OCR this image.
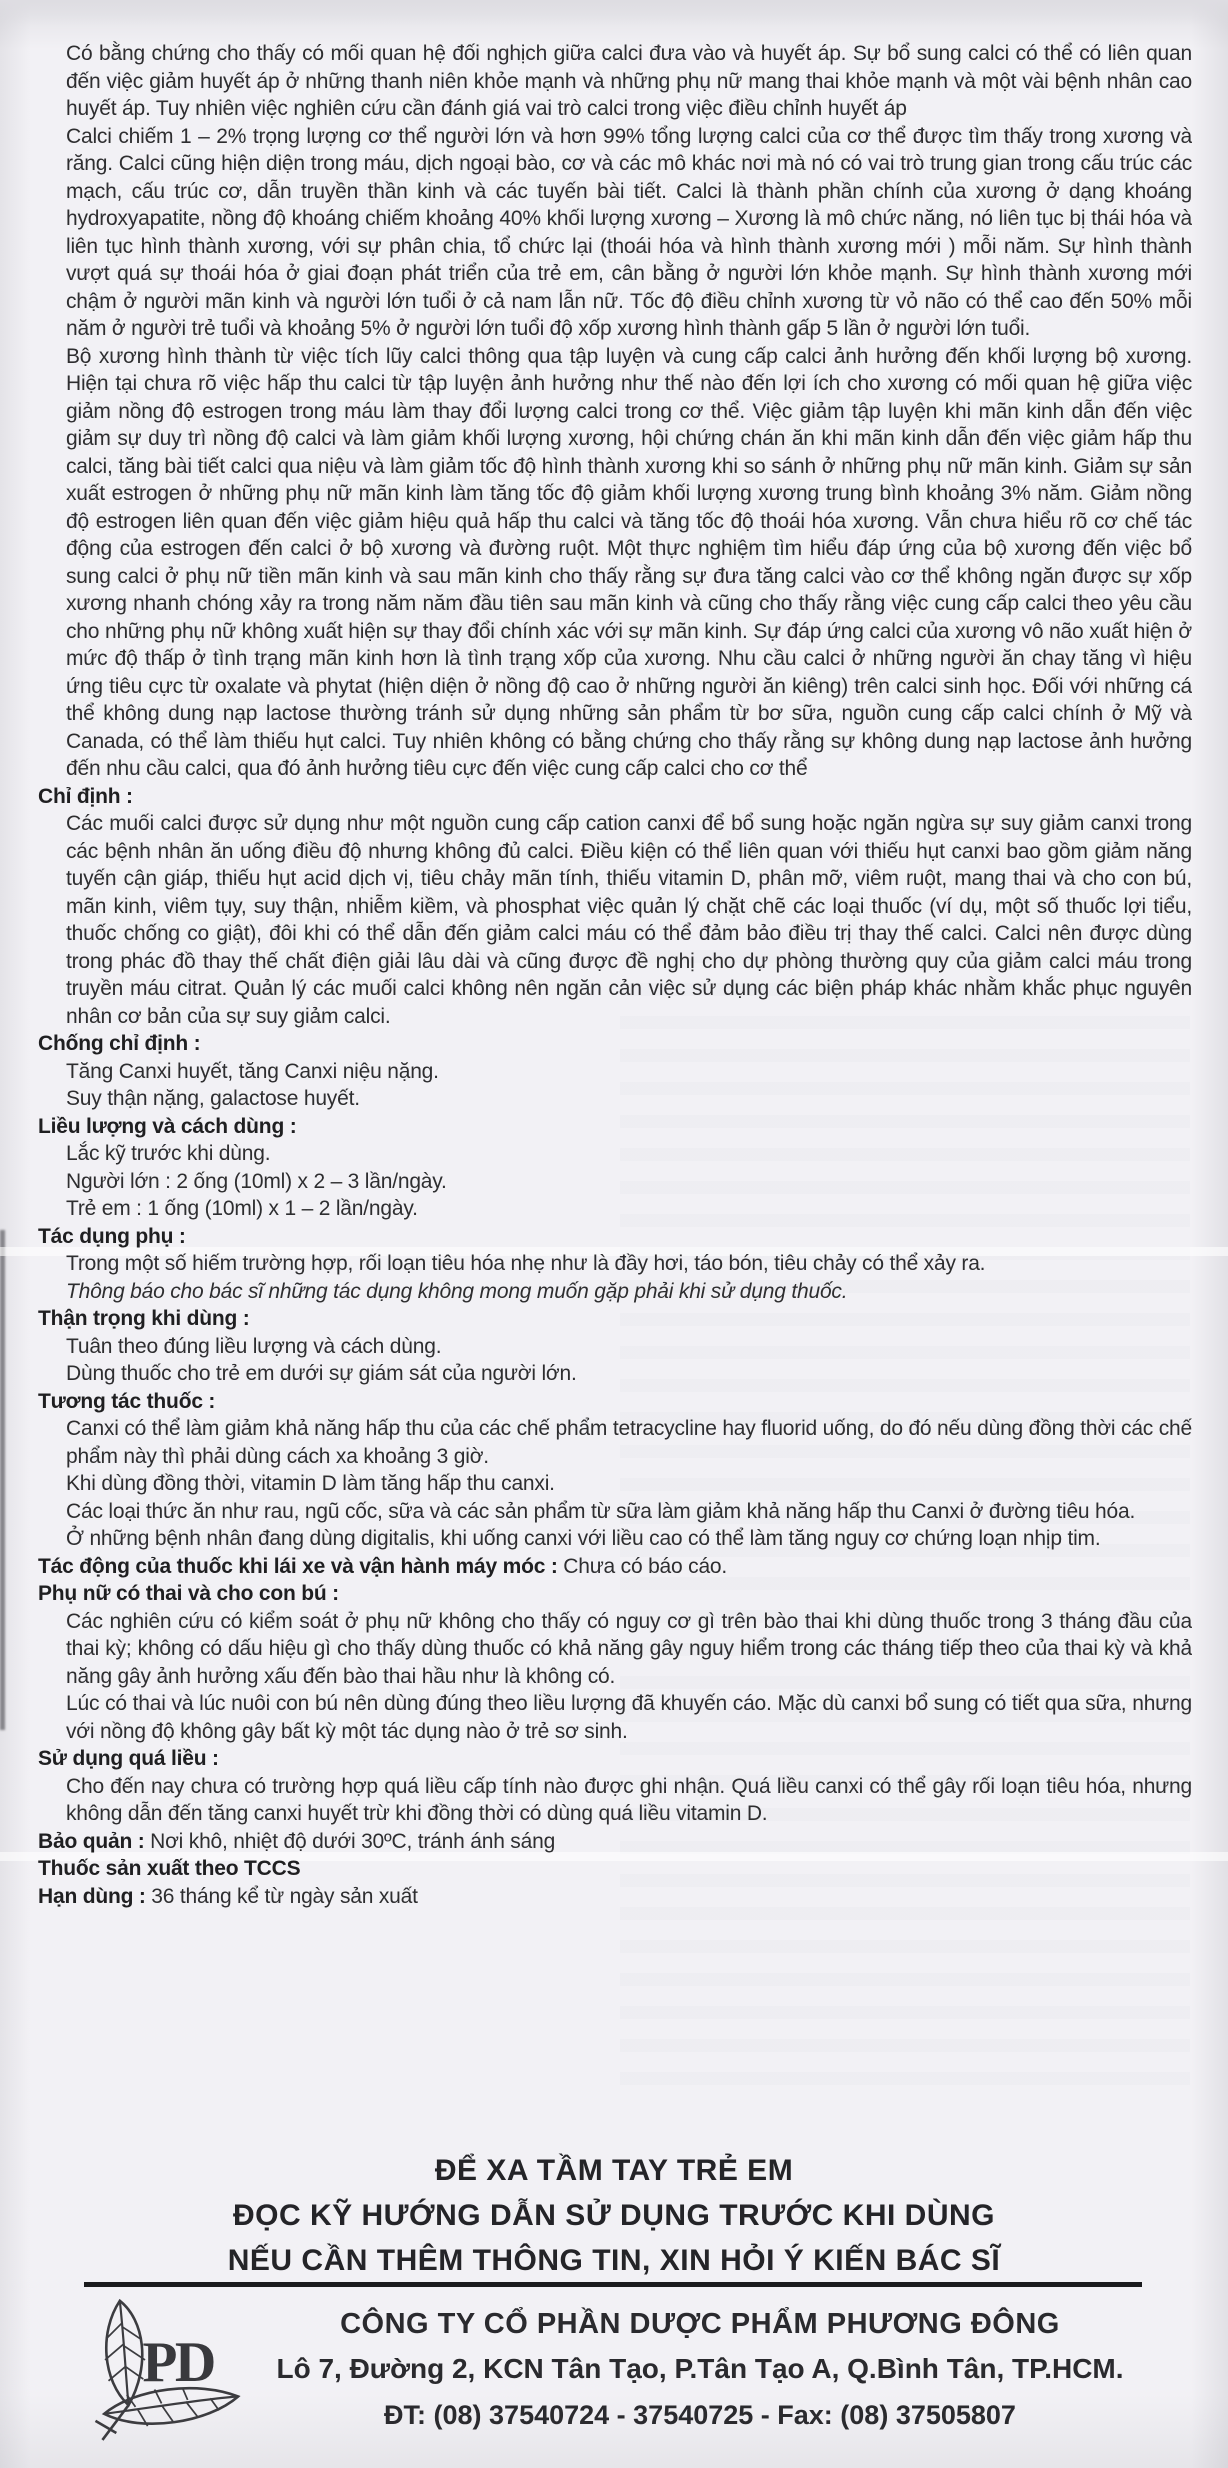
Có bằng chứng cho thấy có mối quan hệ đối nghịch giữa calci đưa vào và huyết áp. Sự bổ sung calci có thể có liên quan đến việc giảm huyết áp ở những thanh niên khỏe mạnh và những phụ nữ mang thai khỏe mạnh và một vài bệnh nhân cao huyết áp. Tuy nhiên việc nghiên cứu cần đánh giá vai trò calci trong việc điều chỉnh huyết áp

Calci chiếm 1 – 2% trọng lượng cơ thể người lớn và hơn 99% tổng lượng calci của cơ thể được tìm thấy trong xương và răng. Calci cũng hiện diện trong máu, dịch ngoại bào, cơ và các mô khác nơi mà nó có vai trò trung gian trong cấu trúc các mạch, cấu trúc cơ, dẫn truyền thần kinh và các tuyến bài tiết. Calci là thành phần chính của xương ở dạng khoáng hydroxyapatite, nồng độ khoáng chiếm khoảng 40% khối lượng xương – Xương là mô chức năng, nó liên tục bị thái hóa và liên tục hình thành xương, với sự phân chia, tổ chức lại (thoái hóa và hình thành xương mới ) mỗi năm. Sự hình thành vượt quá sự thoái hóa ở giai đoạn phát triển của trẻ em, cân bằng ở người lớn khỏe mạnh. Sự hình thành xương mới chậm ở người mãn kinh và người lớn tuổi ở cả nam lẫn nữ. Tốc độ điều chỉnh xương từ vỏ não có thể cao đến 50% mỗi năm ở người trẻ tuổi và khoảng 5% ở người lớn tuổi độ xốp xương hình thành gấp 5 lần ở người lớn tuổi.

Bộ xương hình thành từ việc tích lũy calci thông qua tập luyện và cung cấp calci ảnh hưởng đến khối lượng bộ xương. Hiện tại chưa rõ việc hấp thu calci từ tập luyện ảnh hưởng như thế nào đến lợi ích cho xương có mối quan hệ giữa việc giảm nồng độ estrogen trong máu làm thay đổi lượng calci trong cơ thể. Việc giảm tập luyện khi mãn kinh dẫn đến việc giảm sự duy trì nồng độ calci và làm giảm khối lượng xương, hội chứng chán ăn khi mãn kinh dẫn đến việc giảm hấp thu calci, tăng bài tiết calci qua niệu và làm giảm tốc độ hình thành xương khi so sánh ở những phụ nữ mãn kinh. Giảm sự sản xuất estrogen ở những phụ nữ mãn kinh làm tăng tốc độ giảm khối lượng xương trung bình khoảng 3% năm. Giảm nồng độ estrogen liên quan đến việc giảm hiệu quả hấp thu calci và tăng tốc độ thoái hóa xương. Vẫn chưa hiểu rõ cơ chế tác động của estrogen đến calci ở bộ xương và đường ruột. Một thực nghiệm tìm hiểu đáp ứng của bộ xương đến việc bổ sung calci ở phụ nữ tiền mãn kinh và sau mãn kinh cho thấy rằng sự đưa tăng calci vào cơ thể không ngăn được sự xốp xương nhanh chóng xảy ra trong năm năm đầu tiên sau mãn kinh và cũng cho thấy rằng việc cung cấp calci theo yêu cầu cho những phụ nữ không xuất hiện sự thay đổi chính xác với sự mãn kinh. Sự đáp ứng calci của xương vô não xuất hiện ở mức độ thấp ở tình trạng mãn kinh hơn là tình trạng xốp của xương. Nhu cầu calci ở những người ăn chay tăng vì hiệu ứng tiêu cực từ oxalate và phytat (hiện diện ở nồng độ cao ở những người ăn kiêng) trên calci sinh học. Đối với những cá thể không dung nạp lactose thường tránh sử dụng những sản phẩm từ bơ sữa, nguồn cung cấp calci chính ở Mỹ và Canada, có thể làm thiếu hụt calci. Tuy nhiên không có bằng chứng cho thấy rằng sự không dung nạp lactose ảnh hưởng đến nhu cầu calci, qua đó ảnh hưởng tiêu cực đến việc cung cấp calci cho cơ thể

Chỉ định :

Các muối calci được sử dụng như một nguồn cung cấp cation canxi để bổ sung hoặc ngăn ngừa sự suy giảm canxi trong các bệnh nhân ăn uống điều độ nhưng không đủ calci. Điều kiện có thể liên quan với thiếu hụt canxi bao gồm giảm năng tuyến cận giáp, thiếu hụt acid dịch vị, tiêu chảy mãn tính, thiếu vitamin D, phân mỡ, viêm ruột, mang thai và cho con bú, mãn kinh, viêm tụy, suy thận, nhiễm kiềm, và phosphat việc quản lý chặt chẽ các loại thuốc (ví dụ, một số thuốc lợi tiểu, thuốc chống co giật), đôi khi có thể dẫn đến giảm calci máu có thể đảm bảo điều trị thay thế calci. Calci nên được dùng trong phác đồ thay thế chất điện giải lâu dài và cũng được đề nghị cho dự phòng thường quy của giảm calci máu trong truyền máu citrat. Quản lý các muối calci không nên ngăn cản việc sử dụng các biện pháp khác nhằm khắc phục nguyên nhân cơ bản của sự suy giảm calci.

Chống chỉ định :

Tăng Canxi huyết, tăng Canxi niệu nặng.

Suy thận nặng, galactose huyết.

Liều lượng và cách dùng :

Lắc kỹ trước khi dùng.

Người lớn : 2 ống (10ml) x 2 – 3 lần/ngày.

Trẻ em : 1 ống (10ml) x 1 – 2 lần/ngày.

Tác dụng phụ :

Trong một số hiếm trường hợp, rối loạn tiêu hóa nhẹ như là đầy hơi, táo bón, tiêu chảy có thể xảy ra.

Thông báo cho bác sĩ những tác dụng không mong muốn gặp phải khi sử dụng thuốc.

Thận trọng khi dùng :

Tuân theo đúng liều lượng và cách dùng.

Dùng thuốc cho trẻ em dưới sự giám sát của người lớn.

Tương tác thuốc :

Canxi có thể làm giảm khả năng hấp thu của các chế phẩm tetracycline hay fluorid uống, do đó nếu dùng đồng thời các chế phẩm này thì phải dùng cách xa khoảng 3 giờ.

Khi dùng đồng thời, vitamin D làm tăng hấp thu canxi.

Các loại thức ăn như rau, ngũ cốc, sữa và các sản phẩm từ sữa làm giảm khả năng hấp thu Canxi ở đường tiêu hóa.

Ở những bệnh nhân đang dùng digitalis, khi uống canxi với liều cao có thể làm tăng nguy cơ chứng loạn nhịp tim.

Tác động của thuốc khi lái xe và vận hành máy móc : Chưa có báo cáo.

Phụ nữ có thai và cho con bú :

Các nghiên cứu có kiểm soát ở phụ nữ không cho thấy có nguy cơ gì trên bào thai khi dùng thuốc trong 3 tháng đầu của thai kỳ; không có dấu hiệu gì cho thấy dùng thuốc có khả năng gây nguy hiểm trong các tháng tiếp theo của thai kỳ và khả năng gây ảnh hưởng xấu đến bào thai hầu như là không có.

Lúc có thai và lúc nuôi con bú nên dùng đúng theo liều lượng đã khuyến cáo. Mặc dù canxi bổ sung có tiết qua sữa, nhưng với nồng độ không gây bất kỳ một tác dụng nào ở trẻ sơ sinh.

Sử dụng quá liều :

Cho đến nay chưa có trường hợp quá liều cấp tính nào được ghi nhận. Quá liều canxi có thể gây rối loạn tiêu hóa, nhưng không dẫn đến tăng canxi huyết trừ khi đồng thời có dùng quá liều vitamin D.

Bảo quản : Nơi khô, nhiệt độ dưới 30ºC, tránh ánh sáng

Thuốc sản xuất theo TCCS

Hạn dùng : 36 tháng kể từ ngày sản xuất

ĐỂ XA TẦM TAY TRẺ EM
ĐỌC KỸ HƯỚNG DẪN SỬ DỤNG TRƯỚC KHI DÙNG
NẾU CẦN THÊM THÔNG TIN, XIN HỎI Ý KIẾN BÁC SĨ
PD
CÔNG TY CỔ PHẦN DƯỢC PHẨM PHƯƠNG ĐÔNG
Lô 7, Đường 2, KCN Tân Tạo, P.Tân Tạo A, Q.Bình Tân, TP.HCM.
ĐT: (08) 37540724 - 37540725 - Fax: (08) 37505807
